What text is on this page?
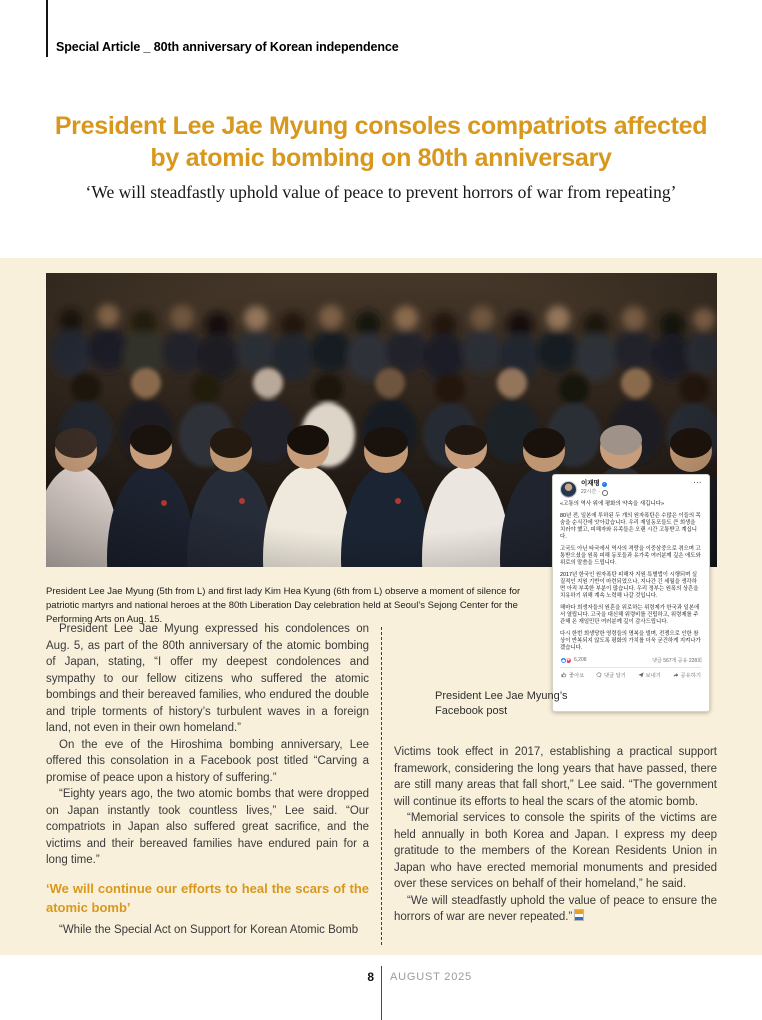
Special Article _ 80th anniversary of Korean independence
President Lee Jae Myung consoles compatriots affected
by atomic bombing on 80th anniversary
‘We will steadfastly uphold value of peace to prevent horrors of war from repeating’

President Lee Jae Myung (5th from L) and first lady Kim Hea Kyung (6th from L) observe a moment of silence for patriotic martyrs and national heroes at the 80th Liberation Day celebration held at Seoul’s Sejong Center for the Performing Arts on Aug. 15.

이재명
✓
22시간 ·
···
«고통의 역사 위에 평화의 약속을 새깁니다»

80년 전, 일본에 투하된 두 개의 원자폭탄은 수많은 이들의 목숨을 순식간에 앗아갔습니다. 우리 재일동포들도 큰 희생을 치러야 했고, 피해자와 유족들은 오랜 시간 고통받고 계십니다.

고국도 아닌 타국에서 역사의 격랑을 이중삼중으로 겪으며 고통받으셨을 원폭 피해 동포들과 유가족 여러분께 깊은 애도와 위로의 말씀을 드립니다.

2017년 한국인 원자폭탄 피해자 지원 특별법이 시행되며 실질적인 지원 기반이 마련되었으나, 지나간 긴 세월을 생각하면 아직 부족한 부분이 많습니다. 우리 정부는 원폭의 상흔을 치유하기 위해 계속 노력해 나갈 것입니다.

해마다 희생자들의 원혼을 위로하는 위령제가 한국과 일본에서 열립니다. 고국을 대신해 위령비를 건립하고, 위령제를 주관해 온 재일민단 여러분께 깊이 감사드립니다.

다시 한번 희생당한 영령들의 명복을 빌며, 전쟁으로 인한 참상이 반복되지 않도록 평화의 가치를 더욱 굳건하게 지켜나가겠습니다.

♥
6,208	댓글 567개 공유 228회
좋아요	댓글 달기	보내기	공유하기
President Lee Jae Myung’s Facebook post

President Lee Jae Myung expressed his condolences on Aug. 5, as part of the 80th anniversary of the atomic bombing of Japan, stating, “I offer my deepest condolences and sympathy to our fellow citizens who suffered the atomic bombings and their bereaved families, who endured the double and triple torments of history’s turbulent waves in a foreign land, not even in their own homeland.”

On the eve of the Hiroshima bombing anniversary, Lee offered this consolation in a Facebook post titled “Carving a promise of peace upon a history of suffering.”

“Eighty years ago, the two atomic bombs that were dropped on Japan instantly took countless lives,” Lee said. “Our compatriots in Japan also suffered great sacrifice, and the victims and their bereaved families have endured pain for a long time.”

‘We will continue our efforts to heal the scars of the atomic bomb’

“While the Special Act on Support for Korean Atomic Bomb

Victims took effect in 2017, establishing a practical support framework, considering the long years that have passed, there are still many areas that fall short,” Lee said. “The government will continue its efforts to heal the scars of the atomic bomb.

“Memorial services to console the spirits of the victims are held annually in both Korea and Japan. I express my deep gratitude to the members of the Korean Residents Union in Japan who have erected memorial monuments and presided over these services on behalf of their homeland,” he said.

“We will steadfastly uphold the value of peace to ensure the horrors of war are never repeated.”

8 AUGUST 2025
